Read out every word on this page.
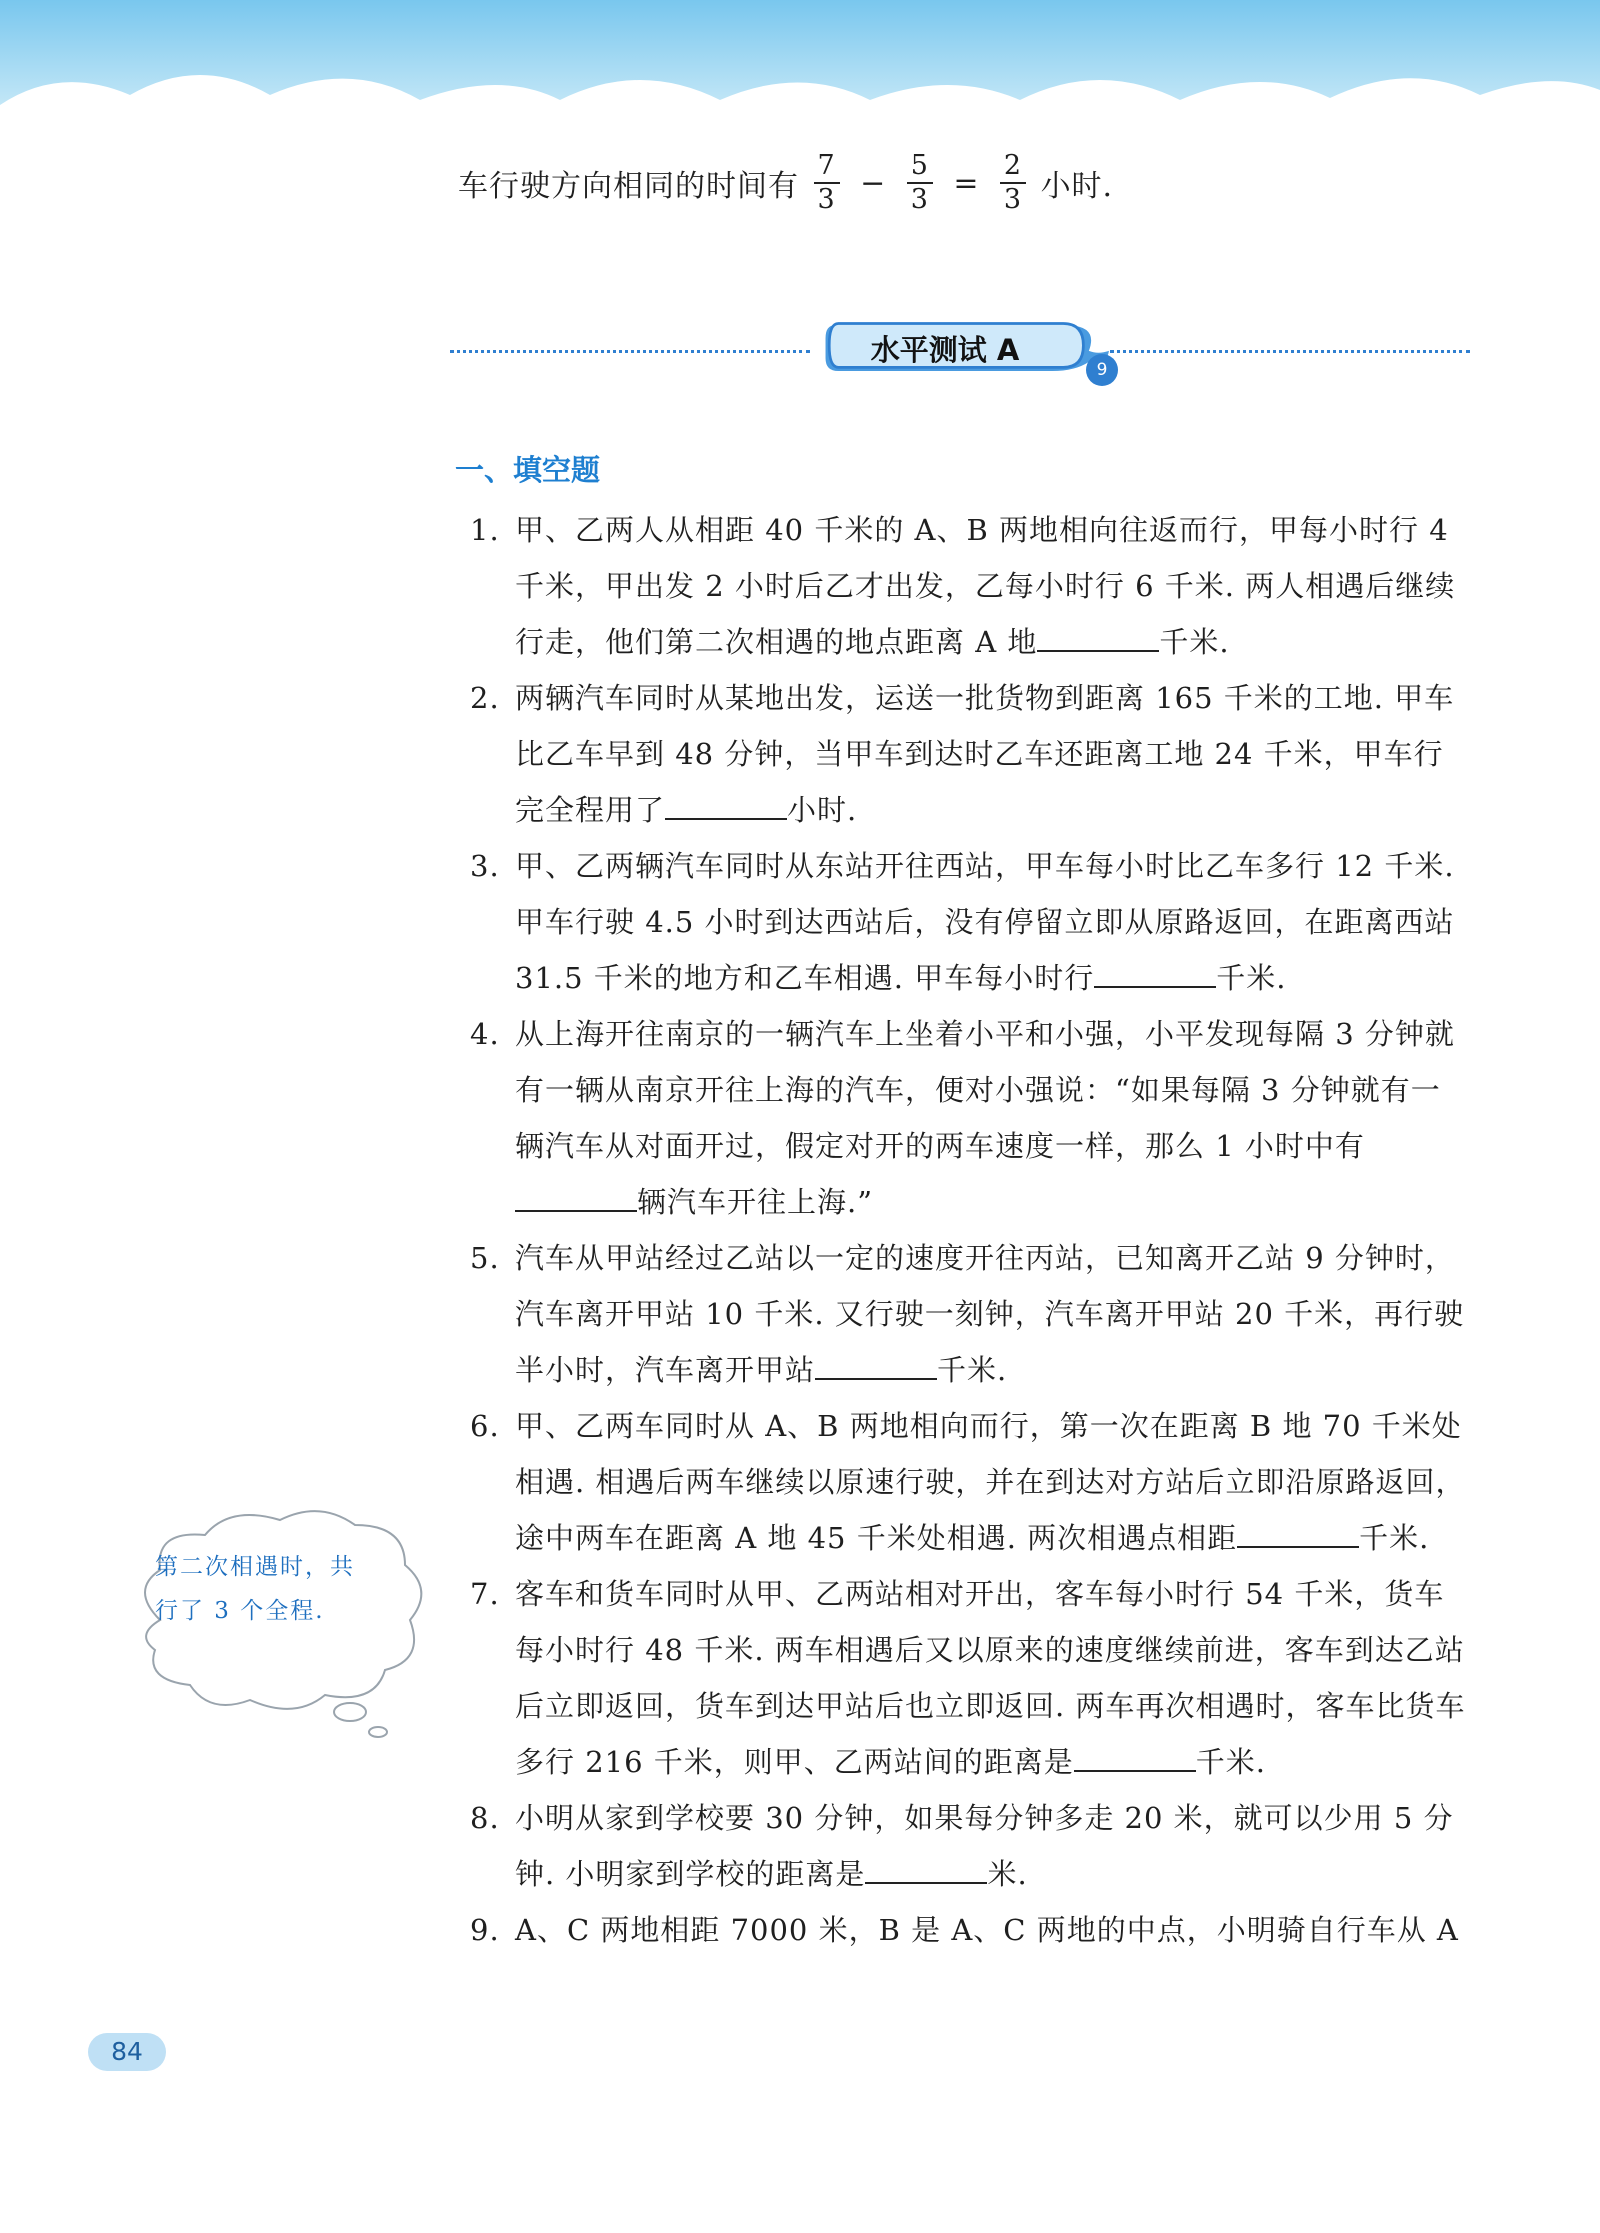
车行驶方向相同的时间有 $\frac{7}{3} - \frac{5}{3} = \frac{2}{3}$ 小时.
水平测试 A
9
一、填空题
1. 甲、乙两人从相距 40 千米的 A、B 两地相向往返而行，甲每小时行 4 千米，甲出发 2 小时后乙才出发，乙每小时行 6 千米. 两人相遇后继续行走，他们第二次相遇的地点距离 A 地	千米.
2. 两辆汽车同时从某地出发，运送一批货物到距离 165 千米的工地. 甲车比乙车早到 48 分钟，当甲车到达时乙车还距离工地 24 千米，甲车行完全程用了	小时.
3. 甲、乙两辆汽车同时从东站开往西站，甲车每小时比乙车多行 12 千米. 甲车行驶 4.5 小时到达西站后，没有停留立即从原路返回，在距离西站 31.5 千米的地方和乙车相遇. 甲车每小时行	千米.
4. 从上海开往南京的一辆汽车上坐着小平和小强，小平发现每隔 3 分钟就有一辆从南京开往上海的汽车，便对小强说：“如果每隔 3 分钟就有一辆汽车从对面开过，假定对开的两车速度一样，那么 1 小时中有辆汽车开往上海.”
5. 汽车从甲站经过乙站以一定的速度开往丙站，已知离开乙站 9 分钟时，汽车离开甲站 10 千米. 又行驶一刻钟，汽车离开甲站 20 千米，再行驶半小时，汽车离开甲站	千米.
6. 甲、乙两车同时从 A、B 两地相向而行，第一次在距离 B 地 70 千米处相遇. 相遇后两车继续以原速行驶，并在到达对方站后立即沿原路返回，途中两车在距离 A 地 45 千米处相遇. 两次相遇点相距	千米.
7. 客车和货车同时从甲、乙两站相对开出，客车每小时行 54 千米，货车每小时行 48 千米. 两车相遇后又以原来的速度继续前进，客车到达乙站后立即返回，货车到达甲站后也立即返回. 两车再次相遇时，客车比货车多行 216 千米，则甲、乙两站间的距离是	千米.
8. 小明从家到学校要 30 分钟，如果每分钟多走 20 米，就可以少用 5 分钟. 小明家到学校的距离是	米.
9. A、C 两地相距 7000 米，B 是 A、C 两地的中点，小明骑自行车从 A
第二次相遇时，共
行了 3 个全程.
84
